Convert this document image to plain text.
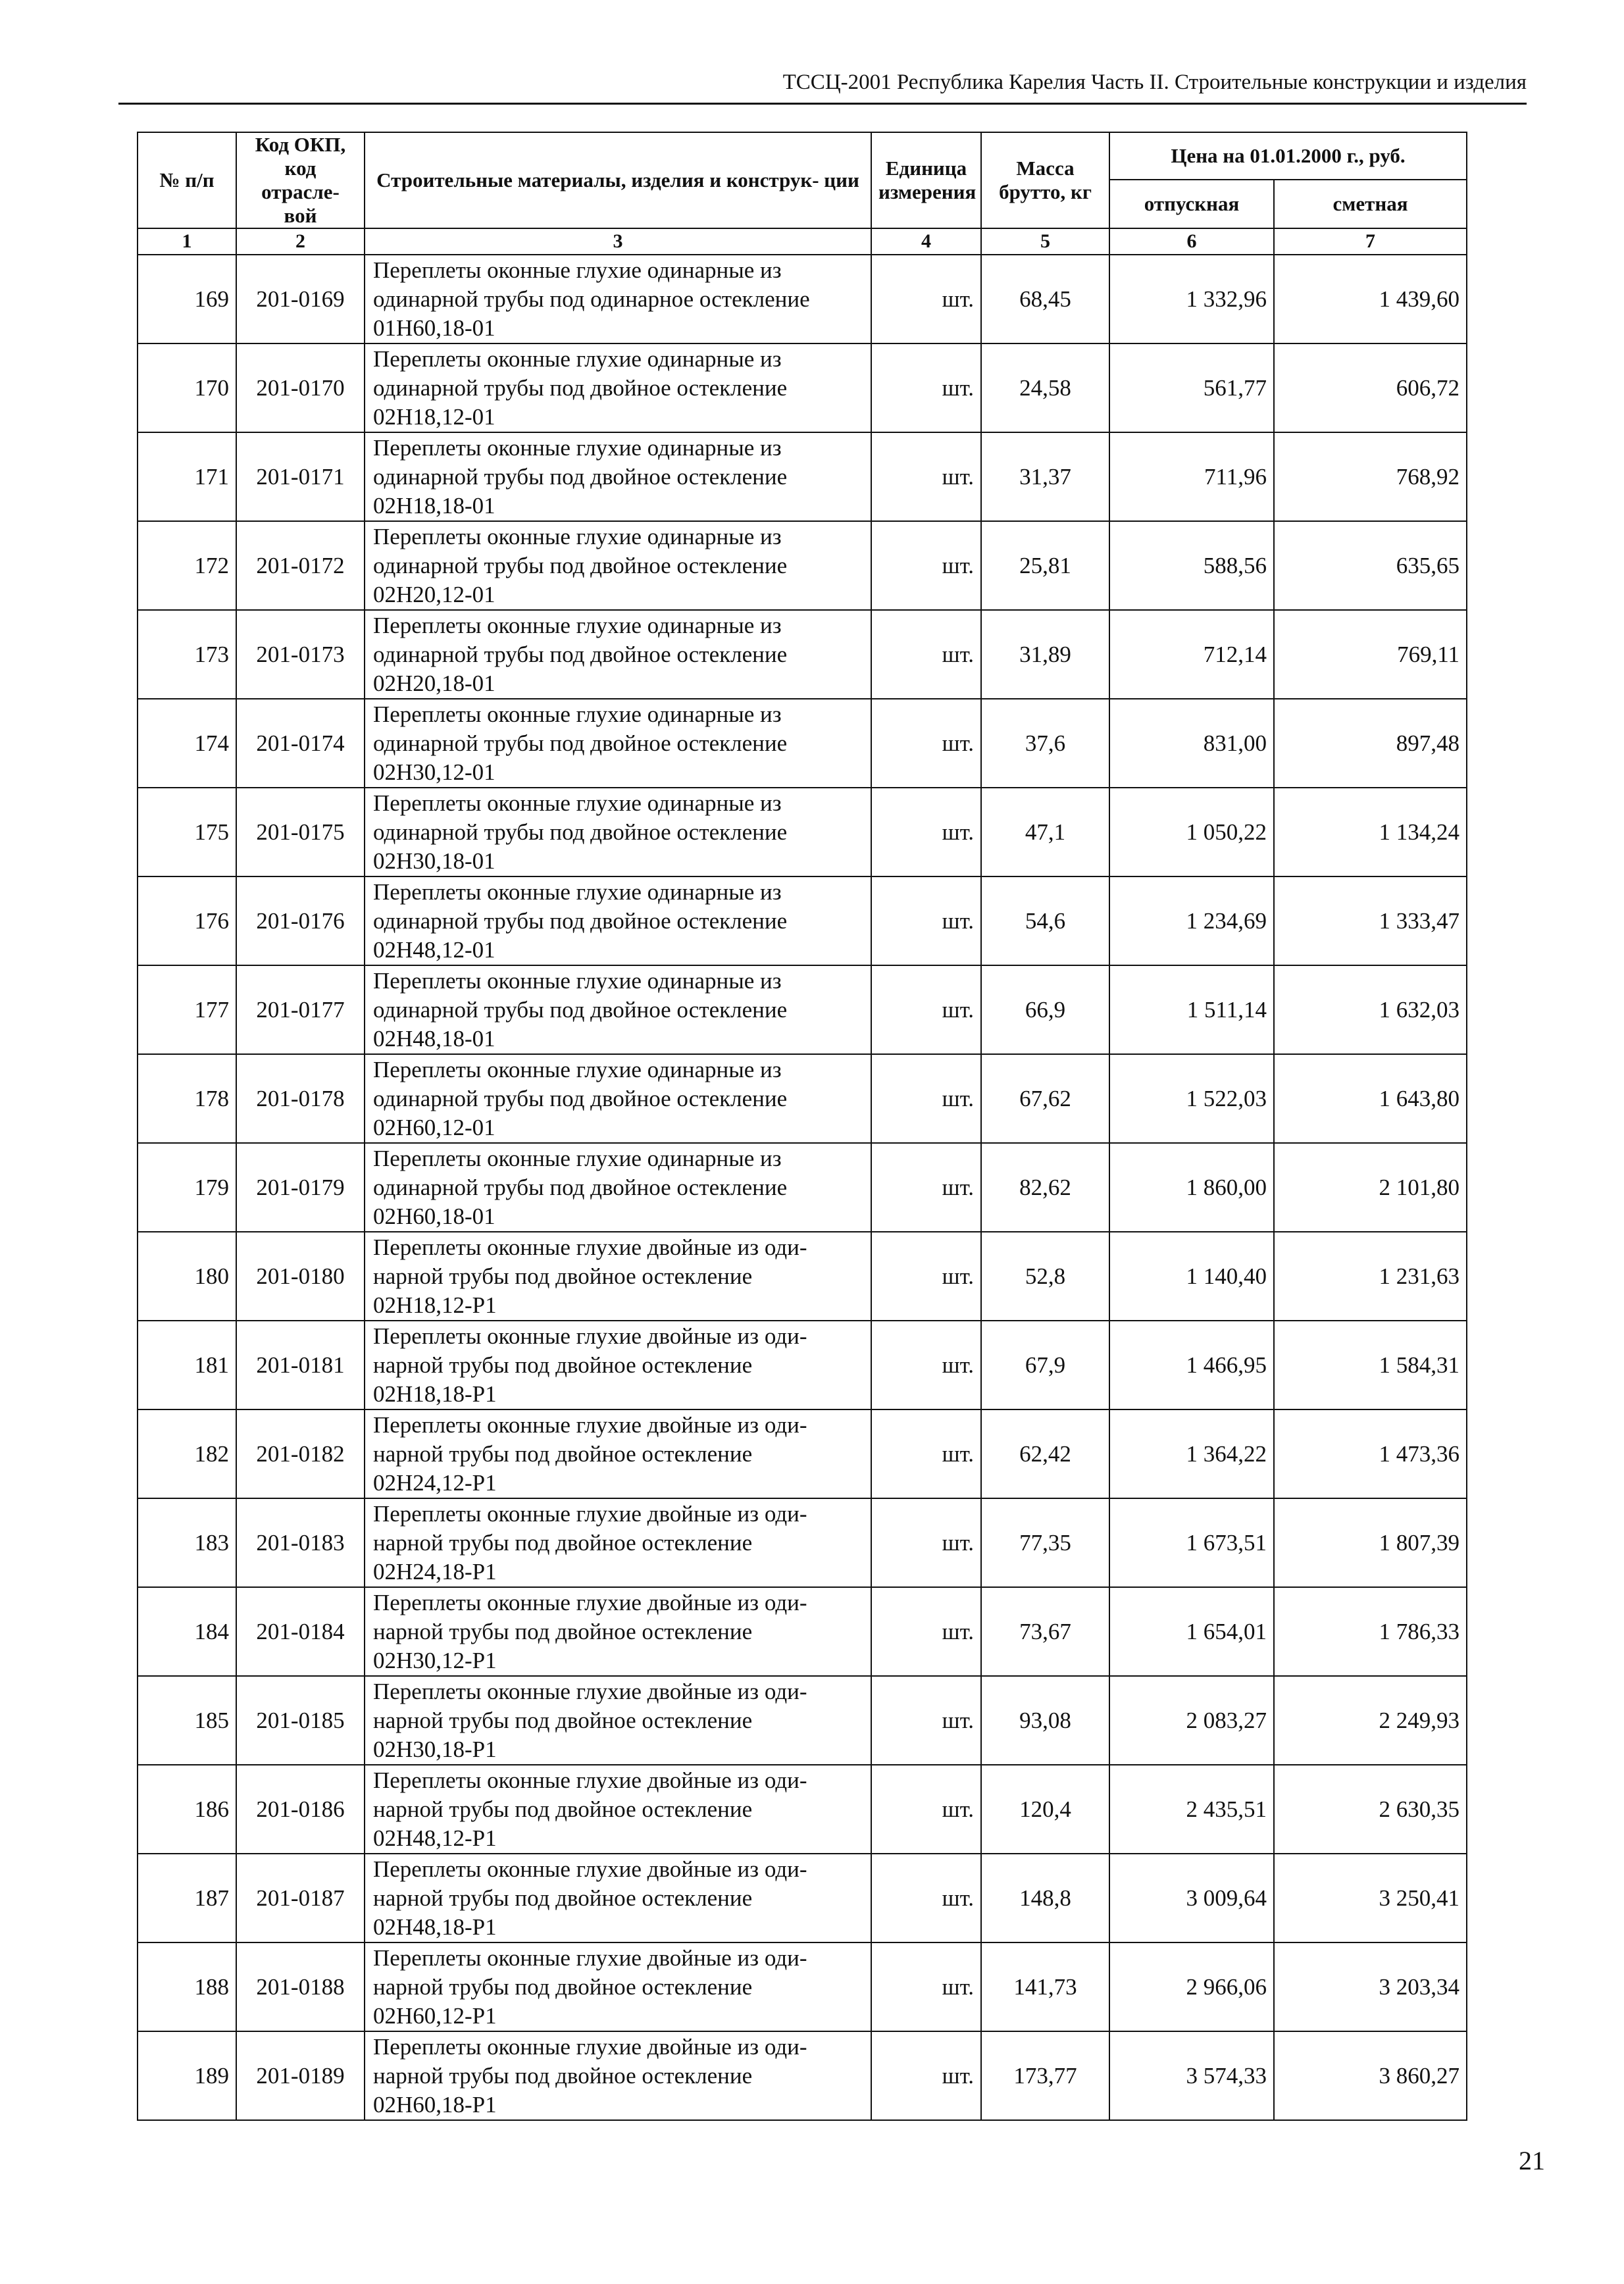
ТССЦ-2001 Республика Карелия Часть II. Строительные конструкции и изделия
№ п/п	Код ОКП, код отрасле- вой	Строительные материалы, изделия и конструк- ции	Единица измерения	Масса брутто, кг	Цена на 01.01.2000 г., руб.	
					отпускная	сметная
1	2	3	4	5	6	7
169	201-0169	Переплеты оконные глухие одинарные из
одинарной трубы под одинарное остекление
01Н60,18-01	шт.	68,45	1 332,96	1 439,60
170	201-0170	Переплеты оконные глухие одинарные из
одинарной трубы под двойное остекление
02Н18,12-01	шт.	24,58	561,77	606,72
171	201-0171	Переплеты оконные глухие одинарные из
одинарной трубы под двойное остекление
02Н18,18-01	шт.	31,37	711,96	768,92
172	201-0172	Переплеты оконные глухие одинарные из
одинарной трубы под двойное остекление
02Н20,12-01	шт.	25,81	588,56	635,65
173	201-0173	Переплеты оконные глухие одинарные из
одинарной трубы под двойное остекление
02Н20,18-01	шт.	31,89	712,14	769,11
174	201-0174	Переплеты оконные глухие одинарные из
одинарной трубы под двойное остекление
02Н30,12-01	шт.	37,6	831,00	897,48
175	201-0175	Переплеты оконные глухие одинарные из
одинарной трубы под двойное остекление
02Н30,18-01	шт.	47,1	1 050,22	1 134,24
176	201-0176	Переплеты оконные глухие одинарные из
одинарной трубы под двойное остекление
02Н48,12-01	шт.	54,6	1 234,69	1 333,47
177	201-0177	Переплеты оконные глухие одинарные из
одинарной трубы под двойное остекление
02Н48,18-01	шт.	66,9	1 511,14	1 632,03
178	201-0178	Переплеты оконные глухие одинарные из
одинарной трубы под двойное остекление
02Н60,12-01	шт.	67,62	1 522,03	1 643,80
179	201-0179	Переплеты оконные глухие одинарные из
одинарной трубы под двойное остекление
02Н60,18-01	шт.	82,62	1 860,00	2 101,80
180	201-0180	Переплеты оконные глухие двойные из оди-
нарной трубы под двойное остекление
02Н18,12-Р1	шт.	52,8	1 140,40	1 231,63
181	201-0181	Переплеты оконные глухие двойные из оди-
нарной трубы под двойное остекление
02Н18,18-Р1	шт.	67,9	1 466,95	1 584,31
182	201-0182	Переплеты оконные глухие двойные из оди-
нарной трубы под двойное остекление
02Н24,12-Р1	шт.	62,42	1 364,22	1 473,36
183	201-0183	Переплеты оконные глухие двойные из оди-
нарной трубы под двойное остекление
02Н24,18-Р1	шт.	77,35	1 673,51	1 807,39
184	201-0184	Переплеты оконные глухие двойные из оди-
нарной трубы под двойное остекление
02Н30,12-Р1	шт.	73,67	1 654,01	1 786,33
185	201-0185	Переплеты оконные глухие двойные из оди-
нарной трубы под двойное остекление
02Н30,18-Р1	шт.	93,08	2 083,27	2 249,93
186	201-0186	Переплеты оконные глухие двойные из оди-
нарной трубы под двойное остекление
02Н48,12-Р1	шт.	120,4	2 435,51	2 630,35
187	201-0187	Переплеты оконные глухие двойные из оди-
нарной трубы под двойное остекление
02Н48,18-Р1	шт.	148,8	3 009,64	3 250,41
188	201-0188	Переплеты оконные глухие двойные из оди-
нарной трубы под двойное остекление
02Н60,12-Р1	шт.	141,73	2 966,06	3 203,34
189	201-0189	Переплеты оконные глухие двойные из оди-
нарной трубы под двойное остекление
02Н60,18-Р1	шт.	173,77	3 574,33	3 860,27
21
